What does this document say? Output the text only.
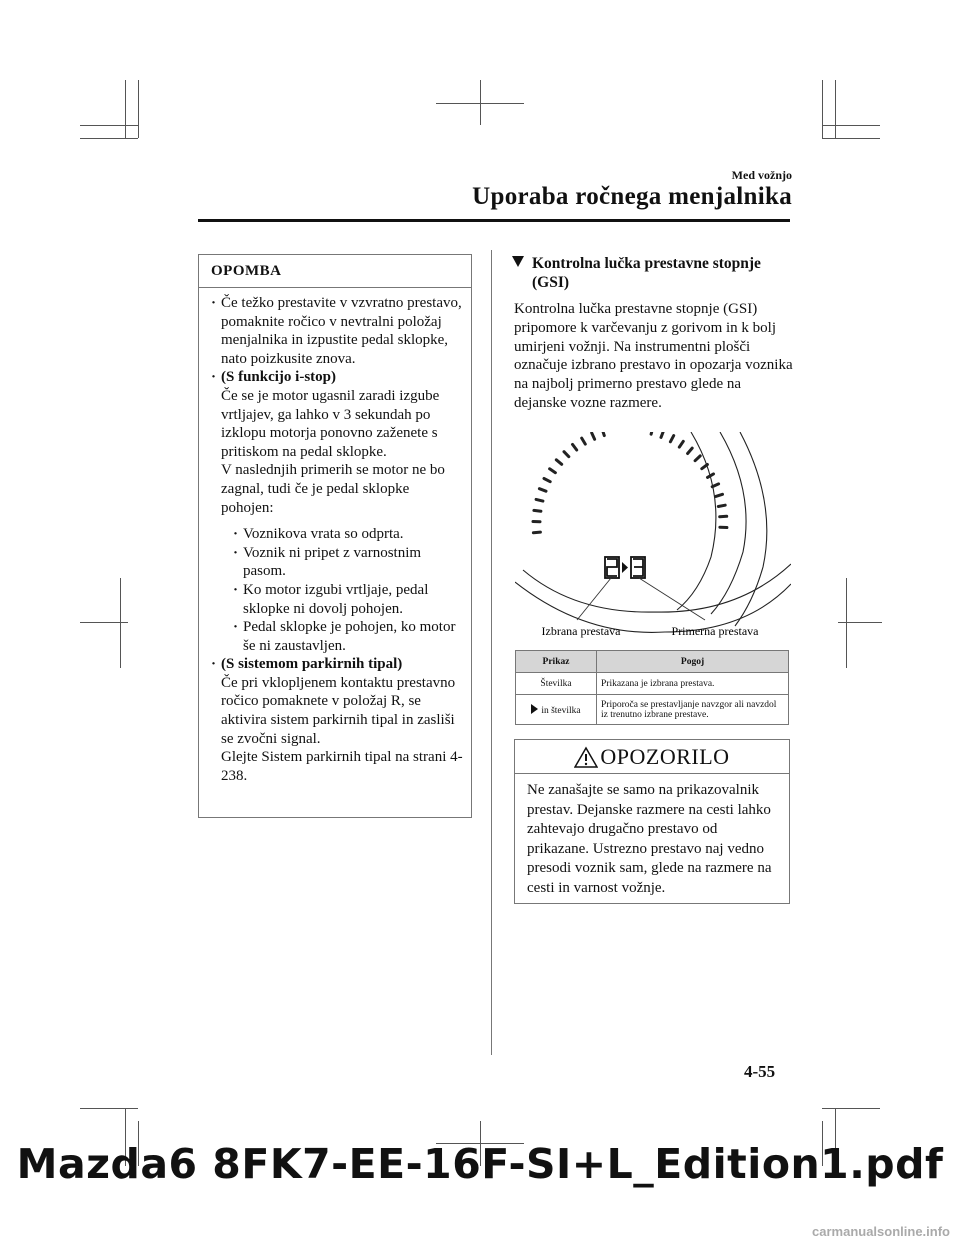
Med vožnjo
Uporaba ročnega menjalnika
OPOMBA

· Če težko prestavite v vzvratno prestavo, pomaknite ročico v nevtralni položaj menjalnika in izpustite pedal sklopke, nato poizkusite znova.

· (S funkcijo i-stop)

Če se je motor ugasnil zaradi izgube vrtljajev, ga lahko v 3 sekundah po izklopu motorja ponovno zaženete s pritiskom na pedal sklopke.

V naslednjih primerih se motor ne bo zagnal, tudi če je pedal sklopke pohojen:

· Voznikova vrata so odprta.

· Voznik ni pripet z varnostnim pasom.

· Ko motor izgubi vrtljaje, pedal sklopke ni dovolj pohojen.

· Pedal sklopke je pohojen, ko motor še ni zaustavljen.

· (S sistemom parkirnih tipal)

Če pri vklopljenem kontaktu prestavno ročico pomaknete v položaj R, se aktivira sistem parkirnih tipal in zasliši se zvočni signal.

Glejte Sistem parkirnih tipal na strani 4-238.

Kontrolna lučka prestavne stopnje (GSI)
Kontrolna lučka prestavne stopnje (GSI) pripomore k varčevanju z gorivom in k bolj umirjeni vožnji. Na instrumentni plošči označuje izbrano prestavo in opozarja voznika na najbolj primerno prestavo glede na dejanske vozne razmere.
Izbrana prestava	Primerna prestava
Prikaz	Pogoj
Številka	Prikazana je izbrana prestava.
in številka	Priporoča se prestavljanje navzgor ali navzdol iz trenutno izbrane prestave.
OPOZORILO
Ne zanašajte se samo na prikazovalnik prestav. Dejanske razmere na cesti lahko zahtevajo drugačno prestavo od prikazane. Ustrezno prestavo naj vedno presodi voznik sam, glede na razmere na cesti in varnost vožnje.
4-55
Mazda6 8FK7-EE-16F-SI+L_Edition1.pdf
carmanualsonline.info
